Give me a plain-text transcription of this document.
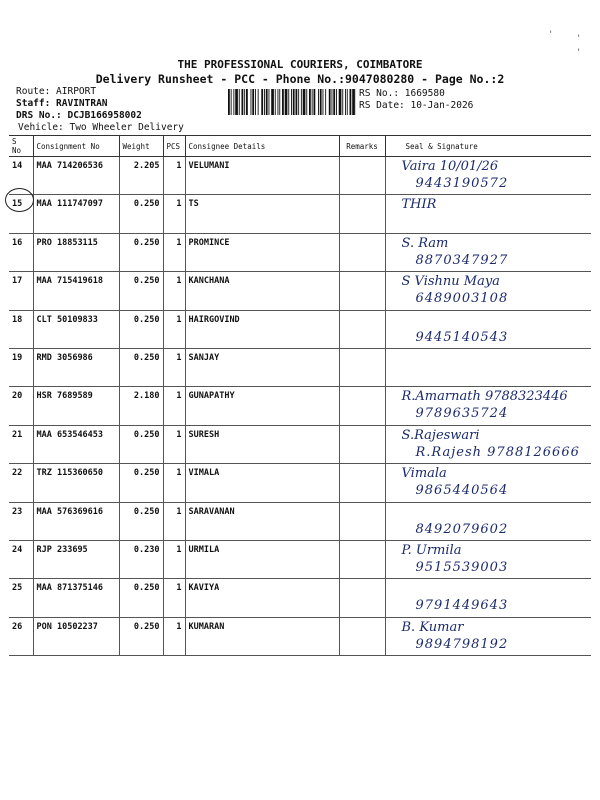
'	'
'
THE PROFESSIONAL COURIERS, COIMBATORE
Delivery Runsheet - PCC - Phone No.:9047080280 - Page No.:2
Route: AIRPORT
Staff: RAVINTRAN
DRS No.: DCJB166958002
Vehicle: Two Wheeler Delivery
RS No.: 1669580
RS Date: 10-Jan-2026
S No	Consignment No	Weight	PCS	Consignee Details	Remarks	Seal & Signature
14	MAA 714206536	2.205	1	VELUMANI		Vaira 10/01/26
9443190572

15	MAA 111747097	0.250	1	TS		THIR

16	PRO 18853115	0.250	1	PROMINCE		S. Ram
8870347927

17	MAA 715419618	0.250	1	KANCHANA		S Vishnu Maya
6489003108

18	CLT 50109833	0.250	1	HAIRGOVIND		9445140543

19	RMD 3056986	0.250	1	SANJAY		

20	HSR 7689589	2.180	1	GUNAPATHY		R.Amarnath 9788323446
9789635724

21	MAA 653546453	0.250	1	SURESH		S.Rajeswari
R.Rajesh 9788126666

22	TRZ 115360650	0.250	1	VIMALA		Vimala
9865440564

23	MAA 576369616	0.250	1	SARAVANAN		8492079602

24	RJP 233695	0.230	1	URMILA		P. Urmila
9515539003

25	MAA 871375146	0.250	1	KAVIYA		9791449643

26	PON 10502237	0.250	1	KUMARAN		B. Kumar
9894798192
